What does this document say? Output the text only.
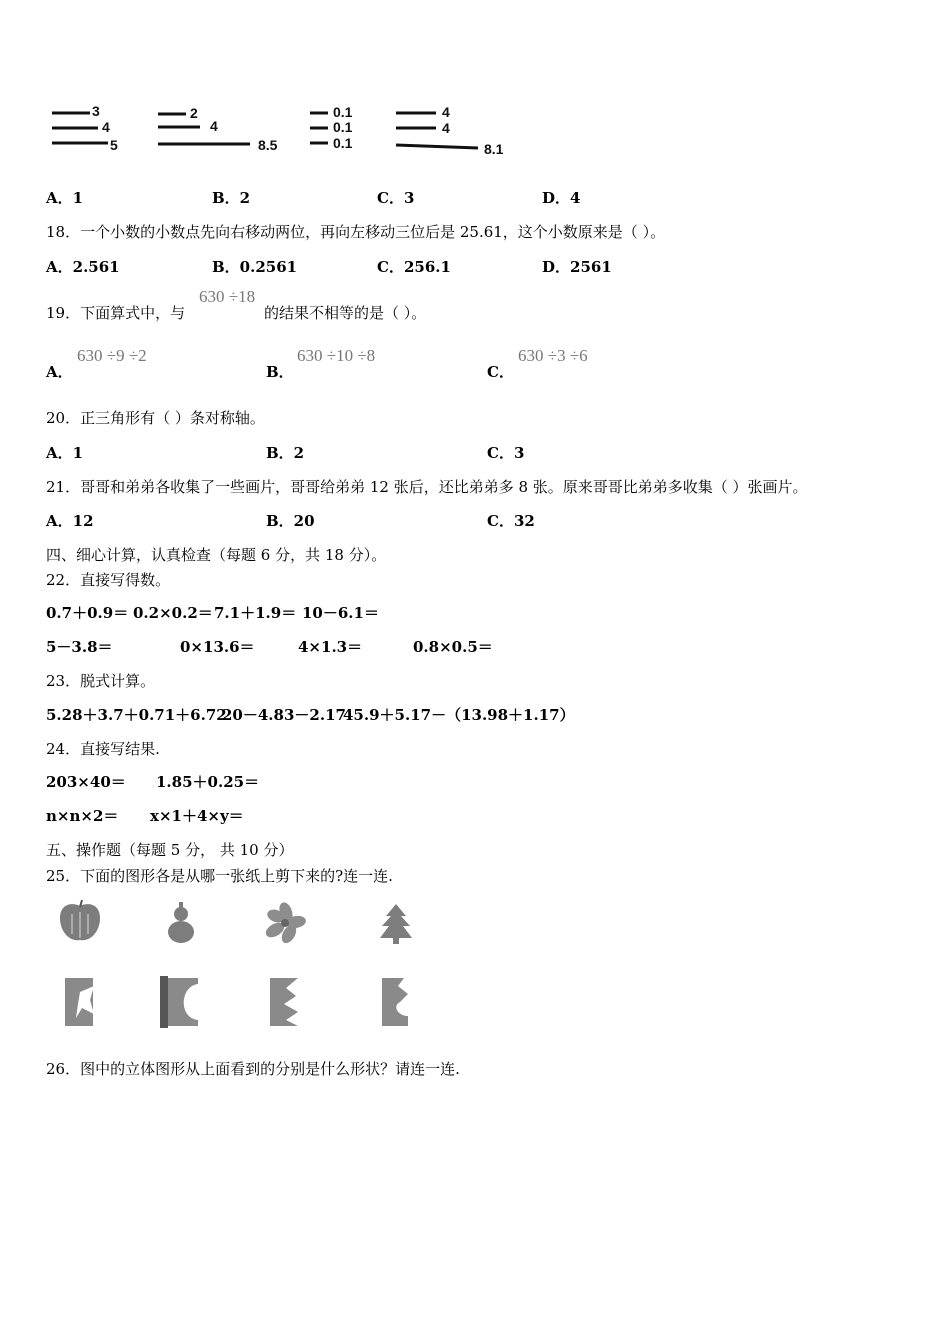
3
4
5
2
4
8.5
0.1
0.1
0.1
4
4
8.1
A．1	B．2	C．3	D．4
18．一个小数的小数点先向右移动两位，再向左移动三位后是 25.61，这个小数原来是（ ）。
A．2.561	B．0.2561	C．256.1	D．2561
19．下面算式中，与
630 ÷18
的结果不相等的是（ ）。
A．
630 ÷9 ÷2
B．
630 ÷10 ÷8
C．
630 ÷3 ÷6
20．正三角形有（ ）条对称轴。
A．1	B．2	C．3
21．哥哥和弟弟各收集了一些画片，哥哥给弟弟 12 张后，还比弟弟多 8 张。原来哥哥比弟弟多收集（ ）张画片。
A．12	B．20	C．32
四、细心计算，认真检查（每题 6 分，共 18 分）。
22．直接写得数。
0.7＋0.9＝ 0.2×0.2＝ 7.1＋1.9＝ 10－6.1＝
5－3.8＝	0×13.6＝	4×1.3＝	0.8×0.5＝
23．脱式计算。
5.28＋3.7＋0.71＋6.72
20－4.83－2.17
45.9＋5.17－（13.98＋1.17）
24．直接写结果.
203×40＝ 1.85＋0.25＝
n×n×2＝ x×1＋4×y＝
五、操作题（每题 5 分， 共 10 分）
25．下面的图形各是从哪一张纸上剪下来的?连一连.
26．图中的立体图形从上面看到的分别是什么形状？请连一连.
